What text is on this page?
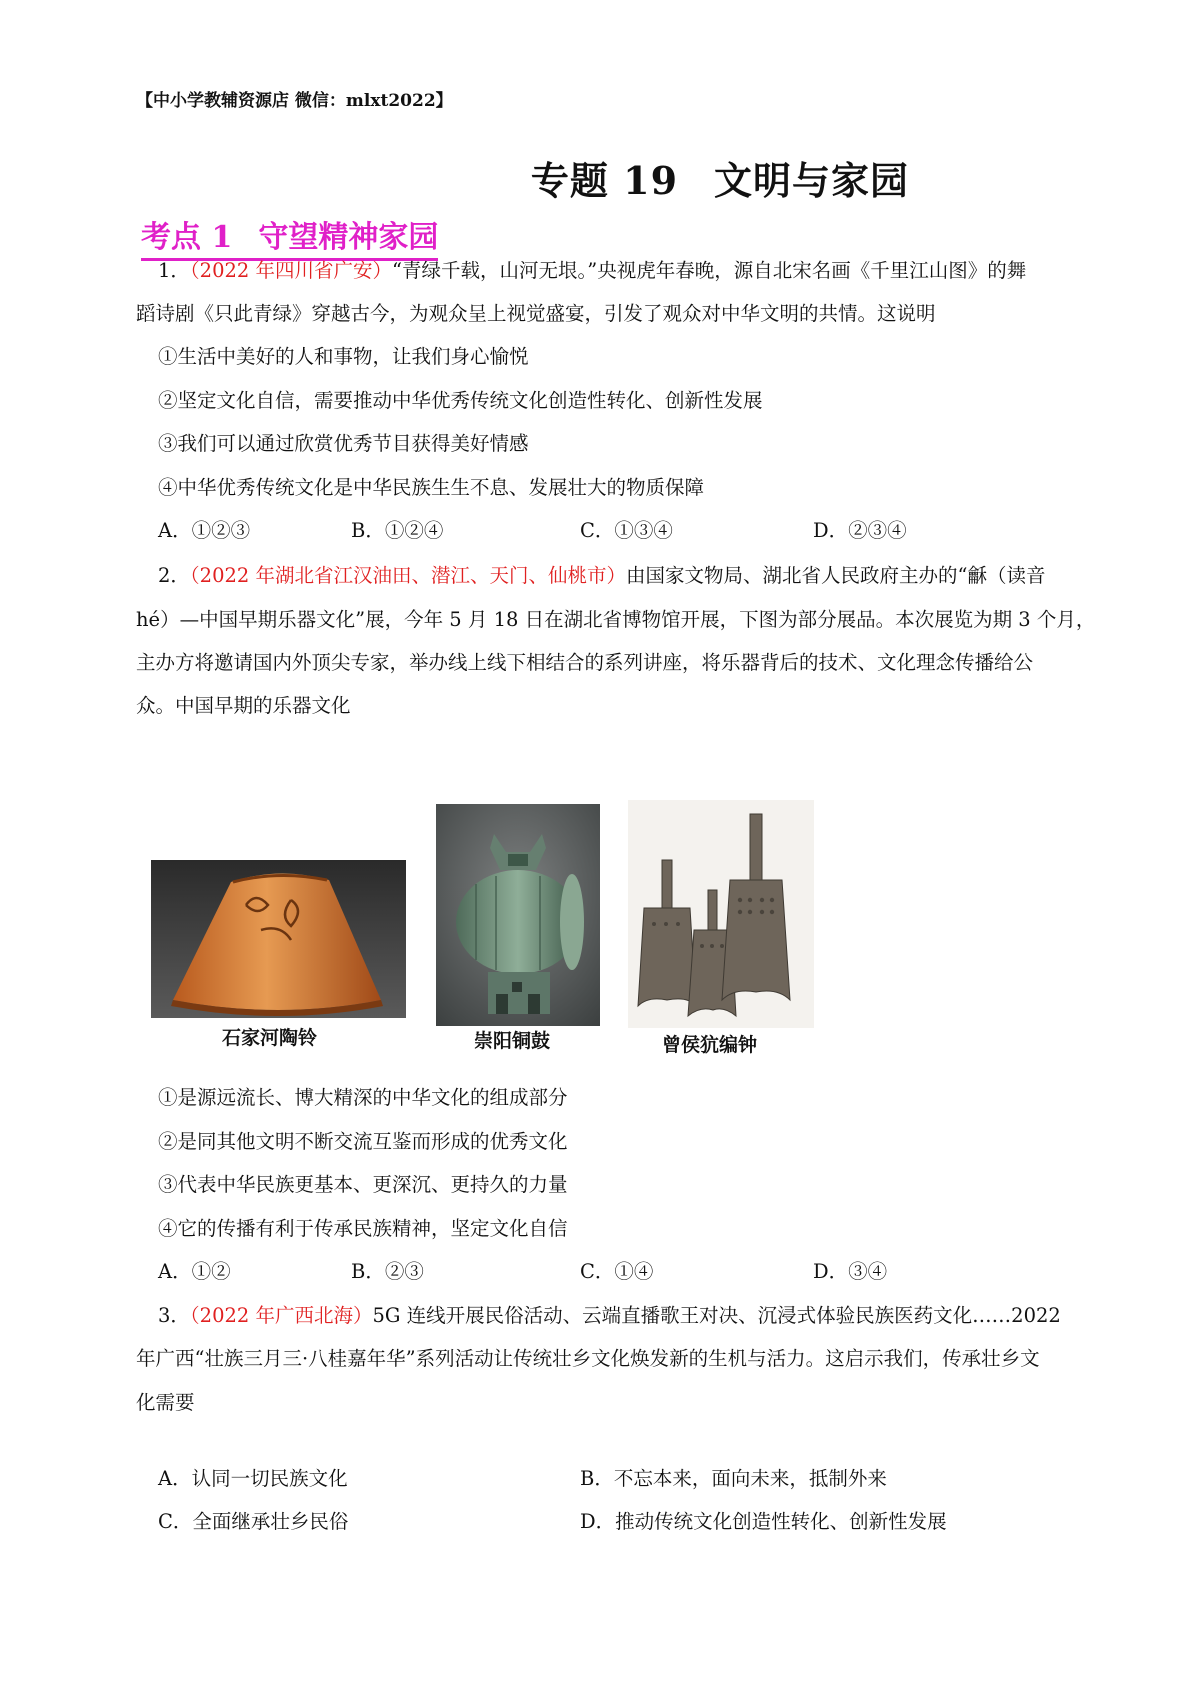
【中小学教辅资源店 微信：mlxt2022】
专题 19 文明与家园
考点 1 守望精神家园
1．（2022 年四川省广安）“青绿千载，山河无垠。”央视虎年春晚，源自北宋名画《千里江山图》的舞
蹈诗剧《只此青绿》穿越古今，为观众呈上视觉盛宴，引发了观众对中华文明的共情。这说明
①生活中美好的人和事物，让我们身心愉悦
②坚定文化自信，需要推动中华优秀传统文化创造性转化、创新性发展
③我们可以通过欣赏优秀节目获得美好情感
④中华优秀传统文化是中华民族生生不息、发展壮大的物质保障
A．①②③	B．①②④	C．①③④	D．②③④
2．（2022 年湖北省江汉油田、潜江、天门、仙桃市）由国家文物局、湖北省人民政府主办的“龢（读音
hé）—中国早期乐器文化”展，今年 5 月 18 日在湖北省博物馆开展，下图为部分展品。本次展览为期 3 个月，
主办方将邀请国内外顶尖专家，举办线上线下相结合的系列讲座，将乐器背后的技术、文化理念传播给公
众。中国早期的乐器文化
石家河陶铃	崇阳铜鼓	曾侯犺编钟
①是源远流长、博大精深的中华文化的组成部分
②是同其他文明不断交流互鉴而形成的优秀文化
③代表中华民族更基本、更深沉、更持久的力量
④它的传播有利于传承民族精神，坚定文化自信
A．①②	B．②③	C．①④	D．③④
3．（2022 年广西北海）5G 连线开展民俗活动、云端直播歌王对决、沉浸式体验民族医药文化……2022
年广西“壮族三月三·八桂嘉年华”系列活动让传统壮乡文化焕发新的生机与活力。这启示我们，传承壮乡文
化需要
A．认同一切民族文化	B．不忘本来，面向未来，抵制外来
C．全面继承壮乡民俗	D．推动传统文化创造性转化、创新性发展
